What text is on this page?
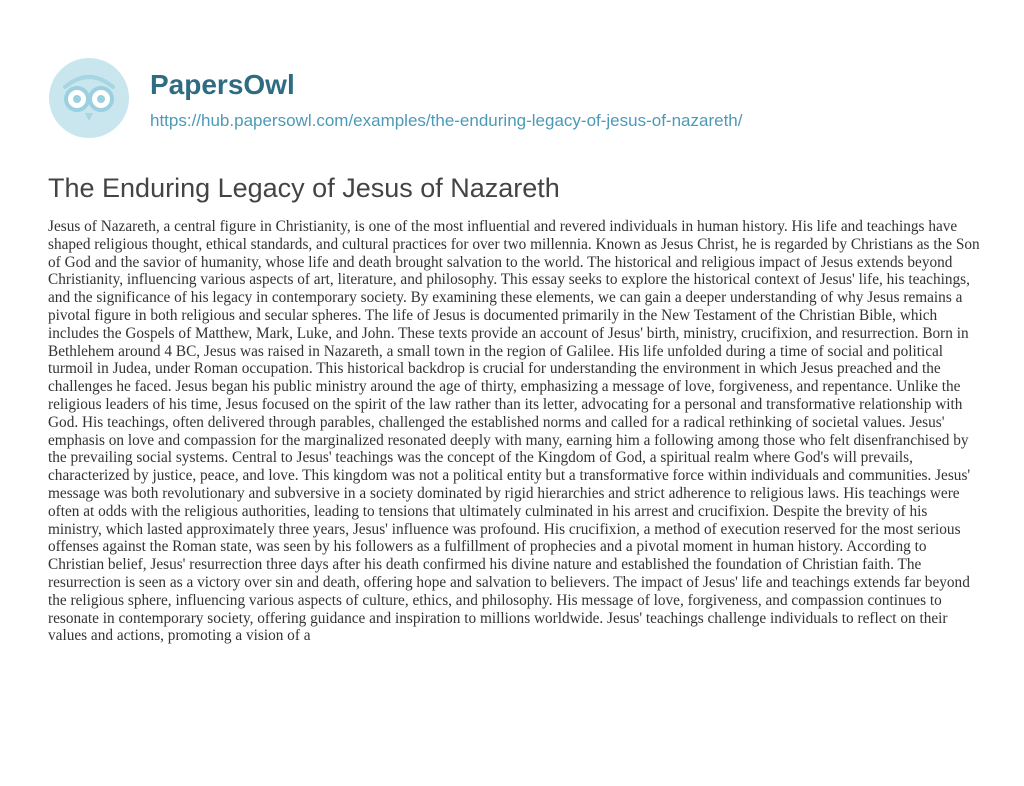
PapersOwl
https://hub.papersowl.com/examples/the-enduring-legacy-of-jesus-of-nazareth/
The Enduring Legacy of Jesus of Nazareth

Jesus of Nazareth, a central figure in Christianity, is one of the most influential and revered individuals in human history. His life and teachings have shaped religious thought, ethical standards, and cultural practices for over two millennia. Known as Jesus Christ, he is regarded by Christians as the Son of God and the savior of humanity, whose life and death brought salvation to the world. The historical and religious impact of Jesus extends beyond Christianity, influencing various aspects of art, literature, and philosophy. This essay seeks to explore the historical context of Jesus' life, his teachings, and the significance of his legacy in contemporary society. By examining these elements, we can gain a deeper understanding of why Jesus remains a pivotal figure in both religious and secular spheres. The life of Jesus is documented primarily in the New Testament of the Christian Bible, which includes the Gospels of Matthew, Mark, Luke, and John. These texts provide an account of Jesus' birth, ministry, crucifixion, and resurrection. Born in Bethlehem around 4 BC, Jesus was raised in Nazareth, a small town in the region of Galilee. His life unfolded during a time of social and political turmoil in Judea, under Roman occupation. This historical backdrop is crucial for understanding the environment in which Jesus preached and the challenges he faced. Jesus began his public ministry around the age of thirty, emphasizing a message of love, forgiveness, and repentance. Unlike the religious leaders of his time, Jesus focused on the spirit of the law rather than its letter, advocating for a personal and transformative relationship with God. His teachings, often delivered through parables, challenged the established norms and called for a radical rethinking of societal values. Jesus' emphasis on love and compassion for the marginalized resonated deeply with many, earning him a following among those who felt disenfranchised by the prevailing social systems. Central to Jesus' teachings was the concept of the Kingdom of God, a spiritual realm where God's will prevails, characterized by justice, peace, and love. This kingdom was not a political entity but a transformative force within individuals and communities. Jesus' message was both revolutionary and subversive in a society dominated by rigid hierarchies and strict adherence to religious laws. His teachings were often at odds with the religious authorities, leading to tensions that ultimately culminated in his arrest and crucifixion. Despite the brevity of his ministry, which lasted approximately three years, Jesus' influence was profound. His crucifixion, a method of execution reserved for the most serious offenses against the Roman state, was seen by his followers as a fulfillment of prophecies and a pivotal moment in human history. According to Christian belief, Jesus' resurrection three days after his death confirmed his divine nature and established the foundation of Christian faith. The resurrection is seen as a victory over sin and death, offering hope and salvation to believers. The impact of Jesus' life and teachings extends far beyond the religious sphere, influencing various aspects of culture, ethics, and philosophy. His message of love, forgiveness, and compassion continues to resonate in contemporary society, offering guidance and inspiration to millions worldwide. Jesus' teachings challenge individuals to reflect on their values and actions, promoting a vision of a
